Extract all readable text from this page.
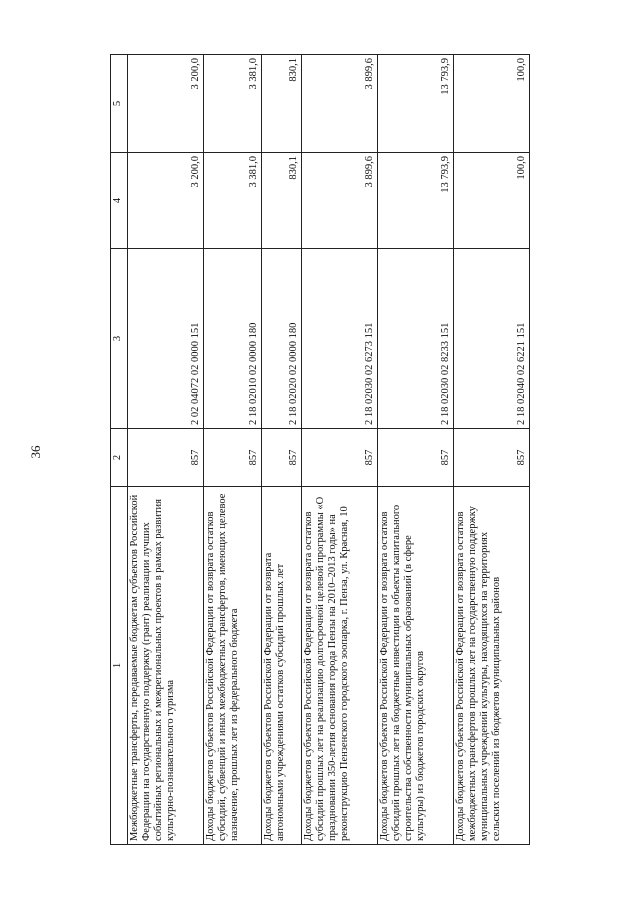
36
1	2	3	4	5
Межбюджетные трансферты, передаваемые бюджетам субъектов Российской Федерации на государственную поддержку (грант) реализации лучших событийных региональных и межрегиональных проектов в рамках развития культурно-познавательного туризма	857	2 02 04072 02 0000 151	3 200,0	3 200,0
Доходы бюджетов субъектов Российской Федерации от возврата остатков субсидий, субвенций и иных межбюджетных трансфертов, имеющих целевое назначение, прошлых лет из федерального бюджета	857	2 18 02010 02 0000 180	3 381,0	3 381,0
Доходы бюджетов субъектов Российской Федерации от возврата автономными учреждениями остатков субсидий прошлых лет	857	2 18 02020 02 0000 180	830,1	830,1
Доходы бюджетов субъектов Российской Федерации от возврата остатков субсидий прошлых лет на реализацию долгосрочной целевой программы «О праздновании 350-летия основания города Пензы на 2010–2013 годы» на реконструкцию Пензенского городского зоопарка, г. Пенза, ул. Красная, 10	857	2 18 02030 02 6273 151	3 899,6	3 899,6
Доходы бюджетов субъектов Российской Федерации от возврата остатков субсидий прошлых лет на бюджетные инвестиции в объекты капитального строительства собственности муниципальных образований (в сфере культуры) из бюджетов городских округов	857	2 18 02030 02 8233 151	13 793,9	13 793,9
Доходы бюджетов субъектов Российской Федерации от возврата остатков межбюджетных трансфертов прошлых лет на государственную поддержку муниципальных учреждений культуры, находящихся на территориях сельских поселений из бюджетов муниципальных районов	857	2 18 02040 02 6221 151	100,0	100,0
